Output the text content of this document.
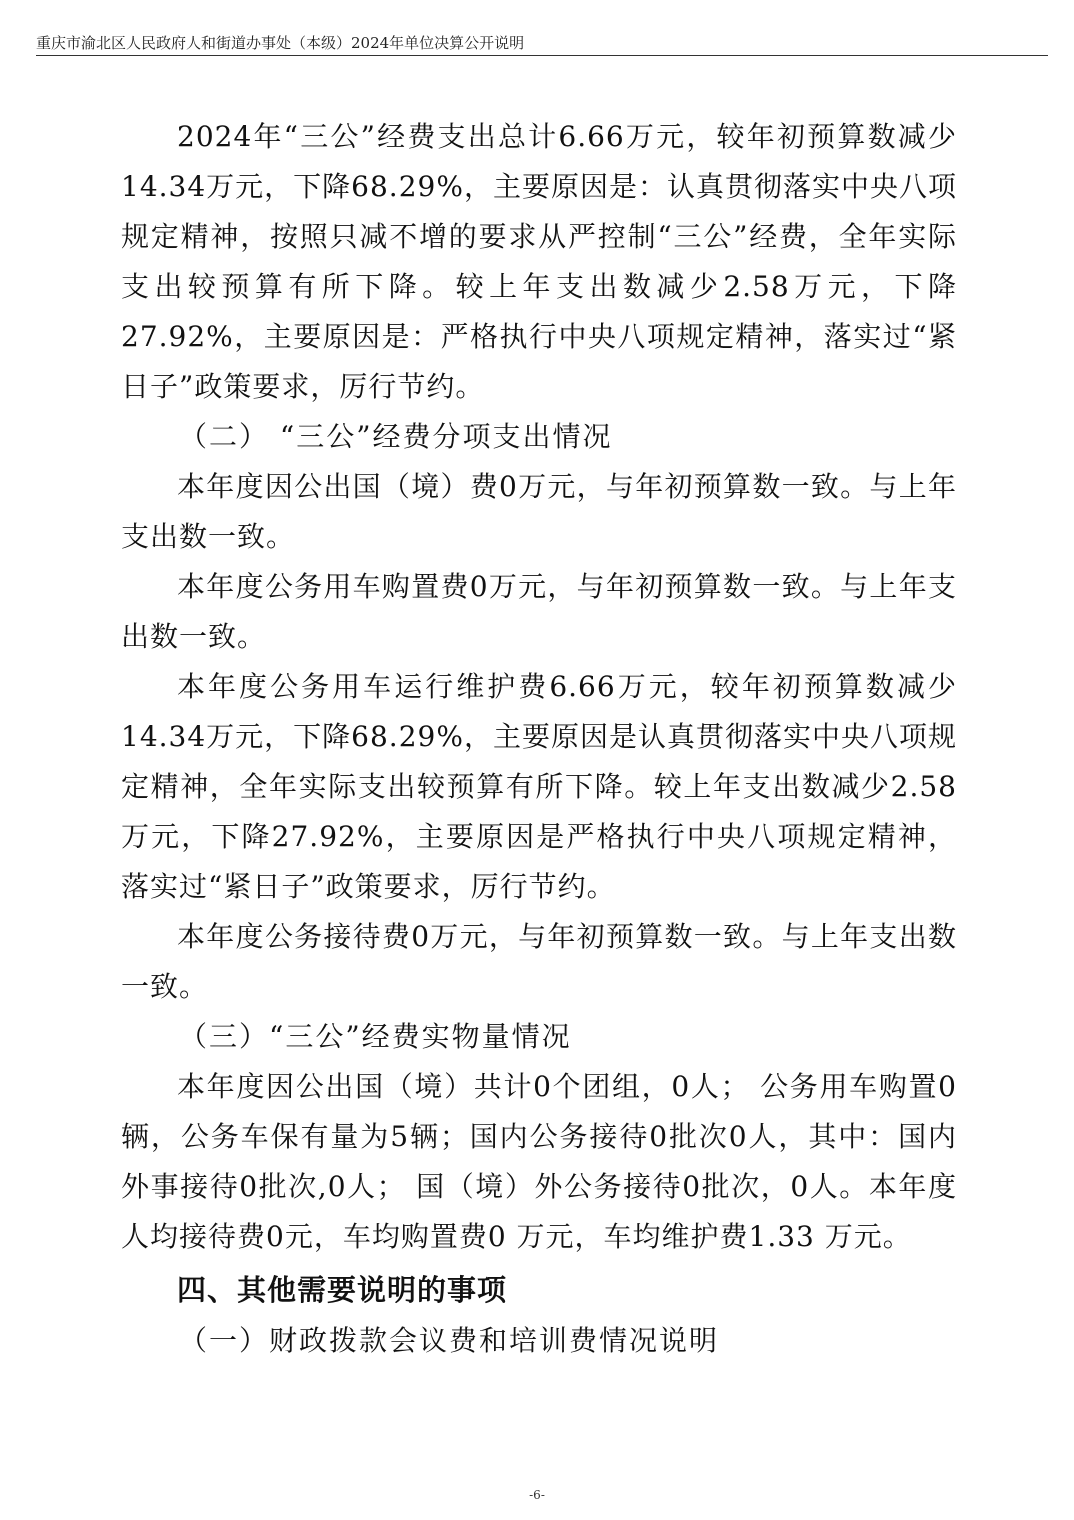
重庆市渝北区人民政府人和街道办事处（本级）2024年单位决算公开说明

2024年“三公”经费支出总计6.66万元，较年初预算数减少14.34万元，下降68.29%，主要原因是：认真贯彻落实中央八项规定精神，按照只减不增的要求从严控制“三公”经费，全年实际支出较预算有所下降。较上年支出数减少2.58万元，下降27.92%，主要原因是：严格执行中央八项规定精神，落实过“紧日子”政策要求，厉行节约。

（二） “三公”经费分项支出情况

本年度因公出国（境）费0万元，与年初预算数一致。与上年支出数一致。

本年度公务用车购置费0万元，与年初预算数一致。与上年支出数一致。

本年度公务用车运行维护费6.66万元，较年初预算数减少14.34万元，下降68.29%，主要原因是认真贯彻落实中央八项规定精神，全年实际支出较预算有所下降。较上年支出数减少2.58万元，下降27.92%，主要原因是严格执行中央八项规定精神，落实过“紧日子”政策要求，厉行节约。

本年度公务接待费0万元，与年初预算数一致。与上年支出数一致。

（三）“三公”经费实物量情况

本年度因公出国（境）共计0个团组，0人； 公务用车购置0辆，公务车保有量为5辆；国内公务接待0批次0人，其中：国内外事接待0批次,0人； 国（境）外公务接待0批次，0人。本年度人均接待费0元，车均购置费0 万元，车均维护费1.33 万元。

四、其他需要说明的事项

（一）财政拨款会议费和培训费情况说明

-6-
